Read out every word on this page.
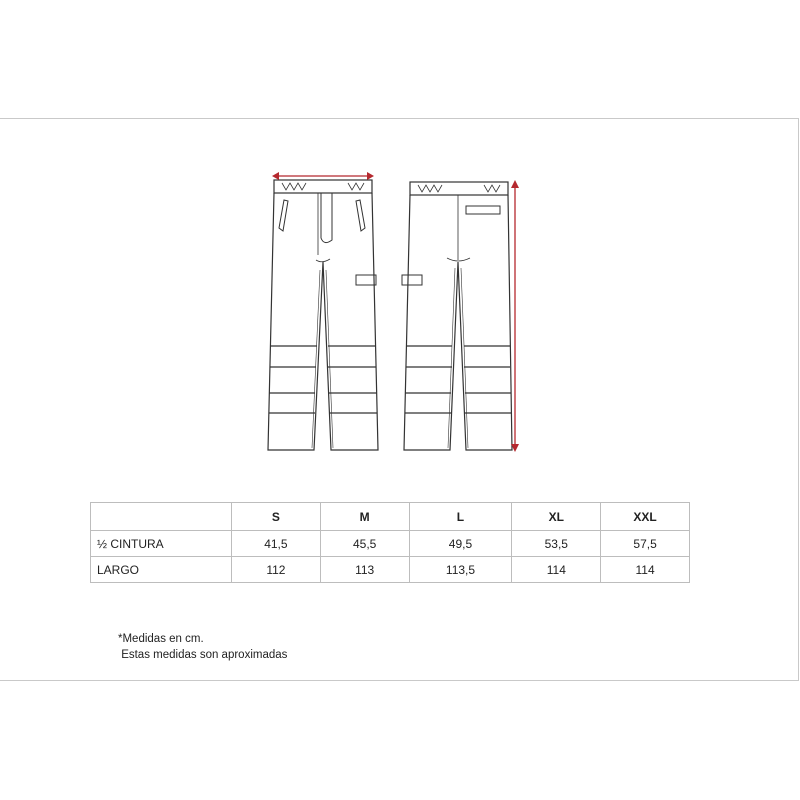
	S	M	L	XL	XXL
½ CINTURA	41,5	45,5	49,5	53,5	57,5
LARGO	112	113	113,5	114	114
*Medidas en cm.
Estas medidas son aproximadas
